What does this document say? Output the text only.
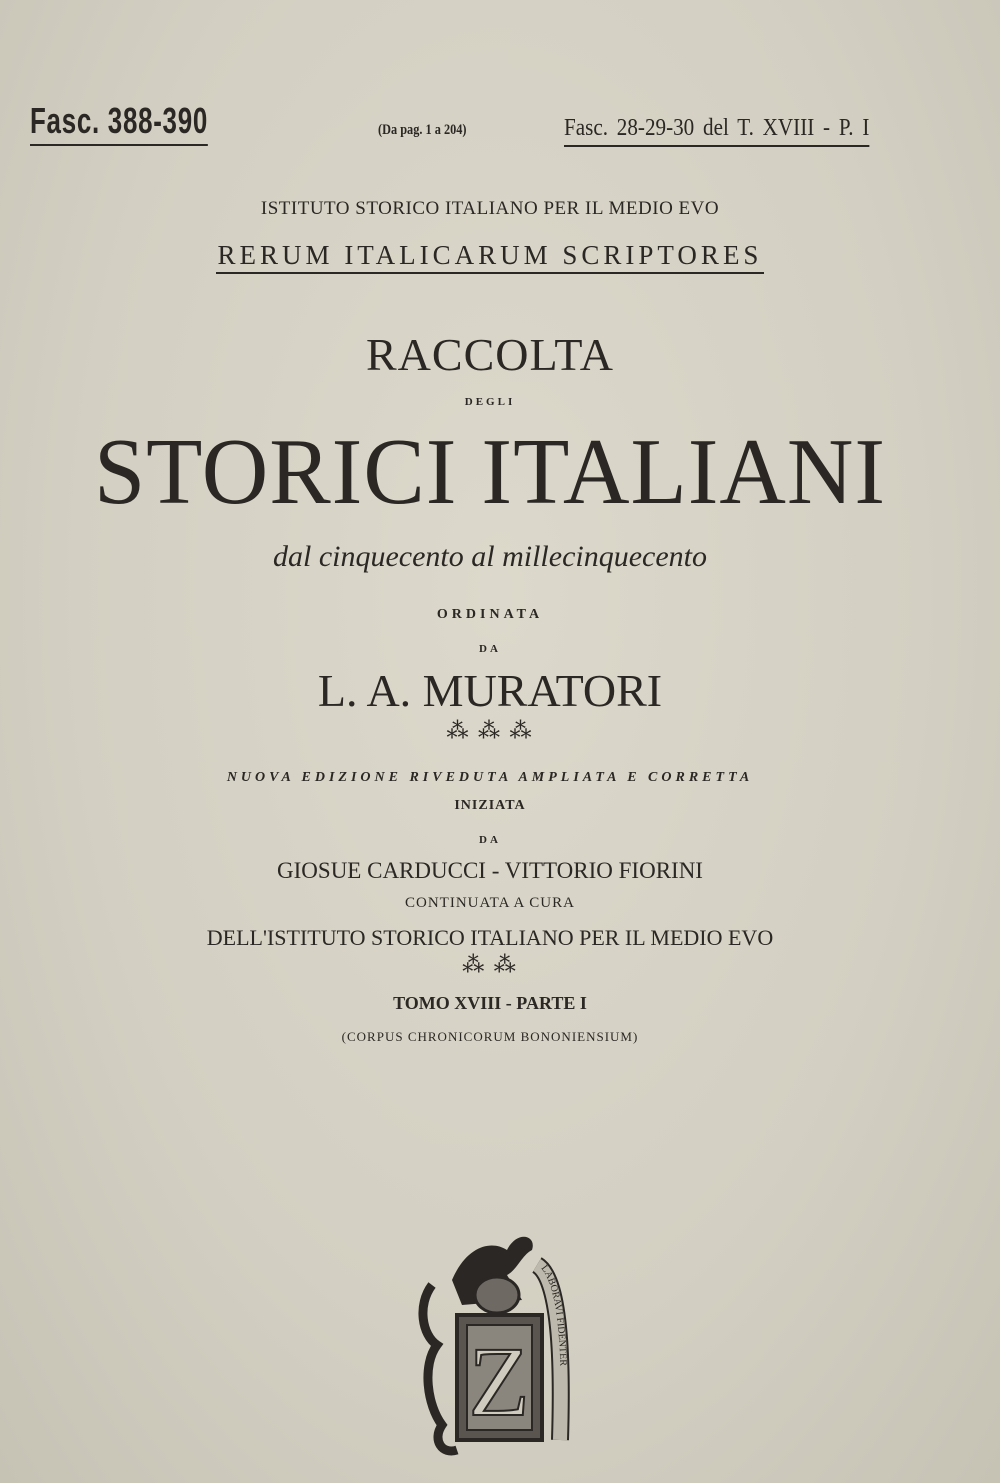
Fasc. 388-390	(Da pag. 1 a 204)	Fasc. 28-29-30 del T. XVIII - P. I
ISTITUTO STORICO ITALIANO PER IL MEDIO EVO
RERUM ITALICARUM SCRIPTORES
RACCOLTA
DEGLI
STORICI ITALIANI
dal cinquecento al millecinquecento
ORDINATA
DA
L. A. MURATORI
⁂ ⁂ ⁂
NUOVA EDIZIONE RIVEDUTA AMPLIATA E CORRETTA
INIZIATA
DA
GIOSUE CARDUCCI - VITTORIO FIORINI
CONTINUATA A CURA
DELL'ISTITUTO STORICO ITALIANO PER IL MEDIO EVO
⁂ ⁂
TOMO XVIII - PARTE I
(CORPUS CHRONICORUM BONONIENSIUM)
Z
LABORAVI FIDENTER
